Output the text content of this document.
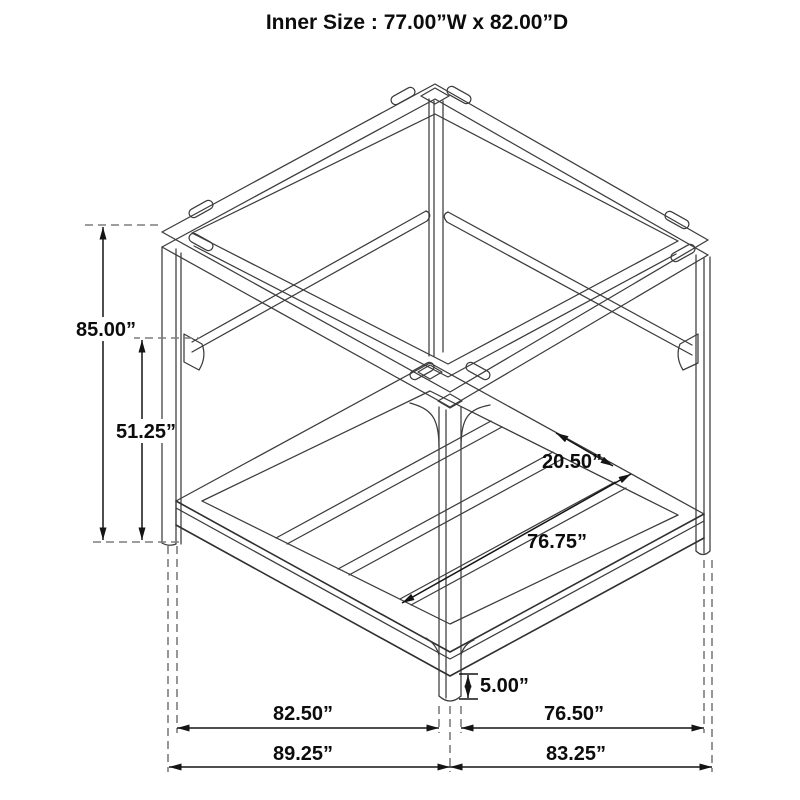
Inner Size : 77.00”W x 82.00”D
85.00”
51.25”
20.50”
76.75”
5.00”
82.50”	76.50”
89.25”	83.25”
